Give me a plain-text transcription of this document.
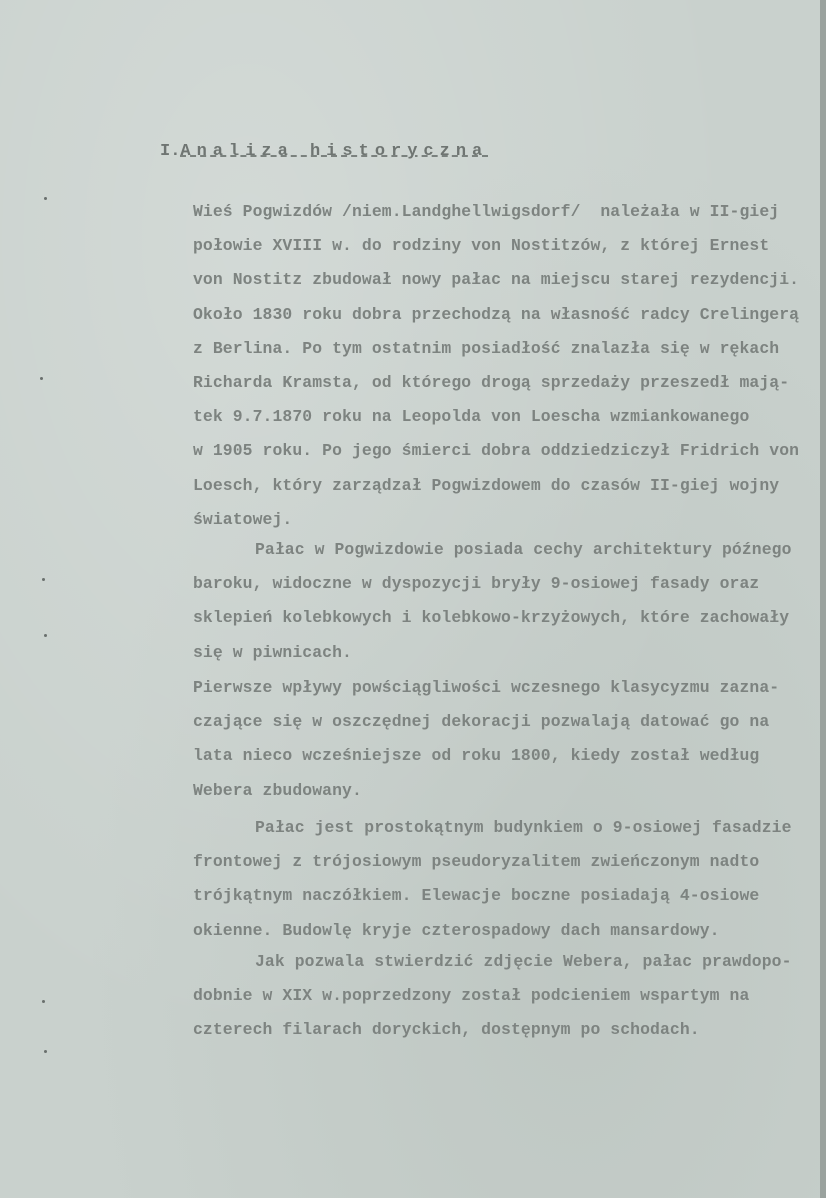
I.Analiza historyczna
Wieś Pogwizdów /niem.Landghellwigsdorf/  należała w II-giej
połowie XVIII w. do rodziny von Nostitzów, z której Ernest
von Nostitz zbudował nowy pałac na miejscu starej rezydencji.
Około 1830 roku dobra przechodzą na własność radcy Crelingerą
z Berlina. Po tym ostatnim posiadłość znalazła się w rękach
Richarda Kramsta, od którego drogą sprzedaży przeszedł mają-
tek 9.7.1870 roku na Leopolda von Loescha wzmiankowanego
w 1905 roku. Po jego śmierci dobra oddziedziczył Fridrich von
Loesch, który zarządzał Pogwizdowem do czasów II-giej wojny
światowej.
Pałac w Pogwizdowie posiada cechy architektury późnego
baroku, widoczne w dyspozycji bryły 9-osiowej fasady oraz
sklepień kolebkowych i kolebkowo-krzyżowych, które zachowały
się w piwnicach.
Pierwsze wpływy powściągliwości wczesnego klasycyzmu zazna-
czające się w oszczędnej dekoracji pozwalają datować go na
lata nieco wcześniejsze od roku 1800, kiedy został według
Webera zbudowany.
Pałac jest prostokątnym budynkiem o 9-osiowej fasadzie
frontowej z trójosiowym pseudoryzalitem zwieńczonym nadto
trójkątnym naczółkiem. Elewacje boczne posiadają 4-osiowe
okienne. Budowlę kryje czterospadowy dach mansardowy.
Jak pozwala stwierdzić zdjęcie Webera, pałac prawdopo-
dobnie w XIX w.poprzedzony został podcieniem wspartym na
czterech filarach doryckich, dostępnym po schodach.
